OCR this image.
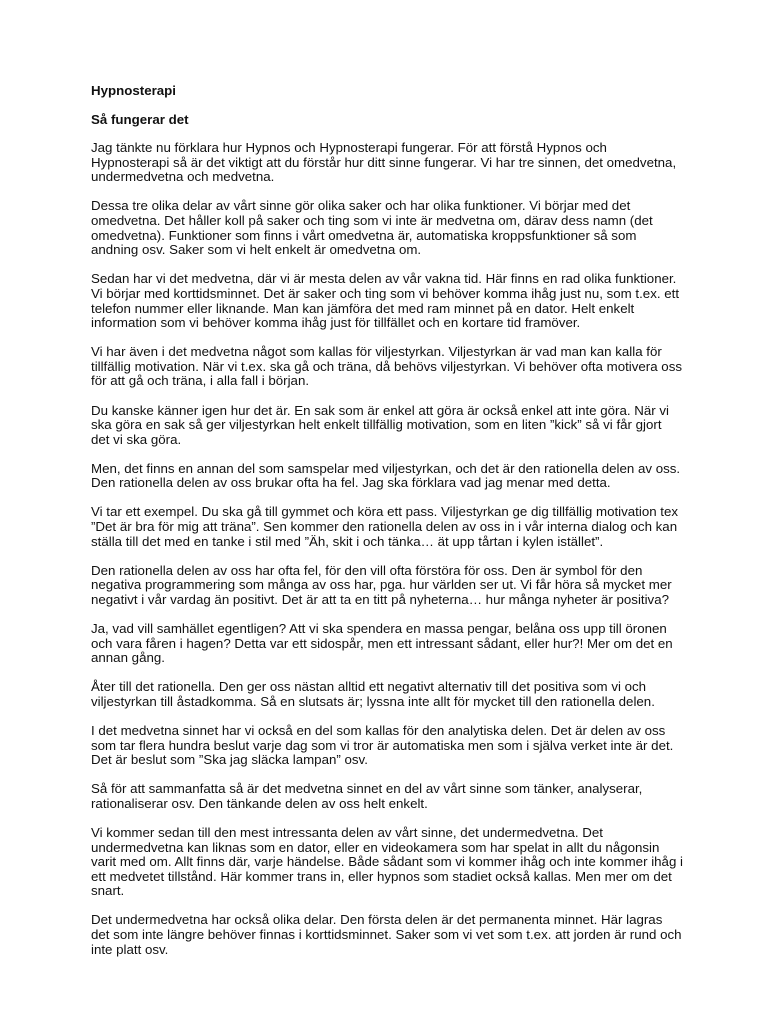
Hypnosterapi
Så fungerar det

Jag tänkte nu förklara hur Hypnos och Hypnosterapi fungerar. För att förstå Hypnos och Hypnosterapi så är det viktigt att du förstår hur ditt sinne fungerar. Vi har tre sinnen, det omedvetna, undermedvetna och medvetna.

Dessa tre olika delar av vårt sinne gör olika saker och har olika funktioner. Vi börjar med det omedvetna. Det håller koll på saker och ting som vi inte är medvetna om, därav dess namn (det omedvetna). Funktioner som finns i vårt omedvetna är, automatiska kroppsfunktioner så som andning osv. Saker som vi helt enkelt är omedvetna om.

Sedan har vi det medvetna, där vi är mesta delen av vår vakna tid. Här finns en rad olika funktioner. Vi börjar med korttidsminnet. Det är saker och ting som vi behöver komma ihåg just nu, som t.ex. ett telefon nummer eller liknande. Man kan jämföra det med ram minnet på en dator. Helt enkelt information som vi behöver komma ihåg just för tillfället och en kortare tid framöver.

Vi har även i det medvetna något som kallas för viljestyrkan. Viljestyrkan är vad man kan kalla för tillfällig motivation. När vi t.ex. ska gå och träna, då behövs viljestyrkan. Vi behöver ofta motivera oss för att gå och träna, i alla fall i början.

Du kanske känner igen hur det är. En sak som är enkel att göra är också enkel att inte göra. När vi ska göra en sak så ger viljestyrkan helt enkelt tillfällig motivation, som en liten ”kick” så vi får gjort det vi ska göra.

Men, det finns en annan del som samspelar med viljestyrkan, och det är den rationella delen av oss. Den rationella delen av oss brukar ofta ha fel. Jag ska förklara vad jag menar med detta.

Vi tar ett exempel. Du ska gå till gymmet och köra ett pass. Viljestyrkan ge dig tillfällig motivation tex ”Det är bra för mig att träna”. Sen kommer den rationella delen av oss in i vår interna dialog och kan ställa till det med en tanke i stil med ”Äh, skit i och tänka… ät upp tårtan i kylen istället”.

Den rationella delen av oss har ofta fel, för den vill ofta förstöra för oss. Den är symbol för den negativa programmering som många av oss har, pga. hur världen ser ut. Vi får höra så mycket mer negativt i vår vardag än positivt. Det är att ta en titt på nyheterna… hur många nyheter är positiva?

Ja, vad vill samhället egentligen? Att vi ska spendera en massa pengar, belåna oss upp till öronen och vara fåren i hagen? Detta var ett sidospår, men ett intressant sådant, eller hur?! Mer om det en annan gång.

Åter till det rationella. Den ger oss nästan alltid ett negativt alternativ till det positiva som vi och viljestyrkan till åstadkomma. Så en slutsats är; lyssna inte allt för mycket till den rationella delen.

I det medvetna sinnet har vi också en del som kallas för den analytiska delen. Det är delen av oss som tar flera hundra beslut varje dag som vi tror är automatiska men som i själva verket inte är det. Det är beslut som ”Ska jag släcka lampan” osv.

Så för att sammanfatta så är det medvetna sinnet en del av vårt sinne som tänker, analyserar, rationaliserar osv. Den tänkande delen av oss helt enkelt.

Vi kommer sedan till den mest intressanta delen av vårt sinne, det undermedvetna. Det undermedvetna kan liknas som en dator, eller en videokamera som har spelat in allt du någonsin varit med om. Allt finns där, varje händelse. Både sådant som vi kommer ihåg och inte kommer ihåg i ett medvetet tillstånd. Här kommer trans in, eller hypnos som stadiet också kallas. Men mer om det snart.

Det undermedvetna har också olika delar. Den första delen är det permanenta minnet. Här lagras det som inte längre behöver finnas i korttidsminnet. Saker som vi vet som t.ex. att jorden är rund och inte platt osv.
